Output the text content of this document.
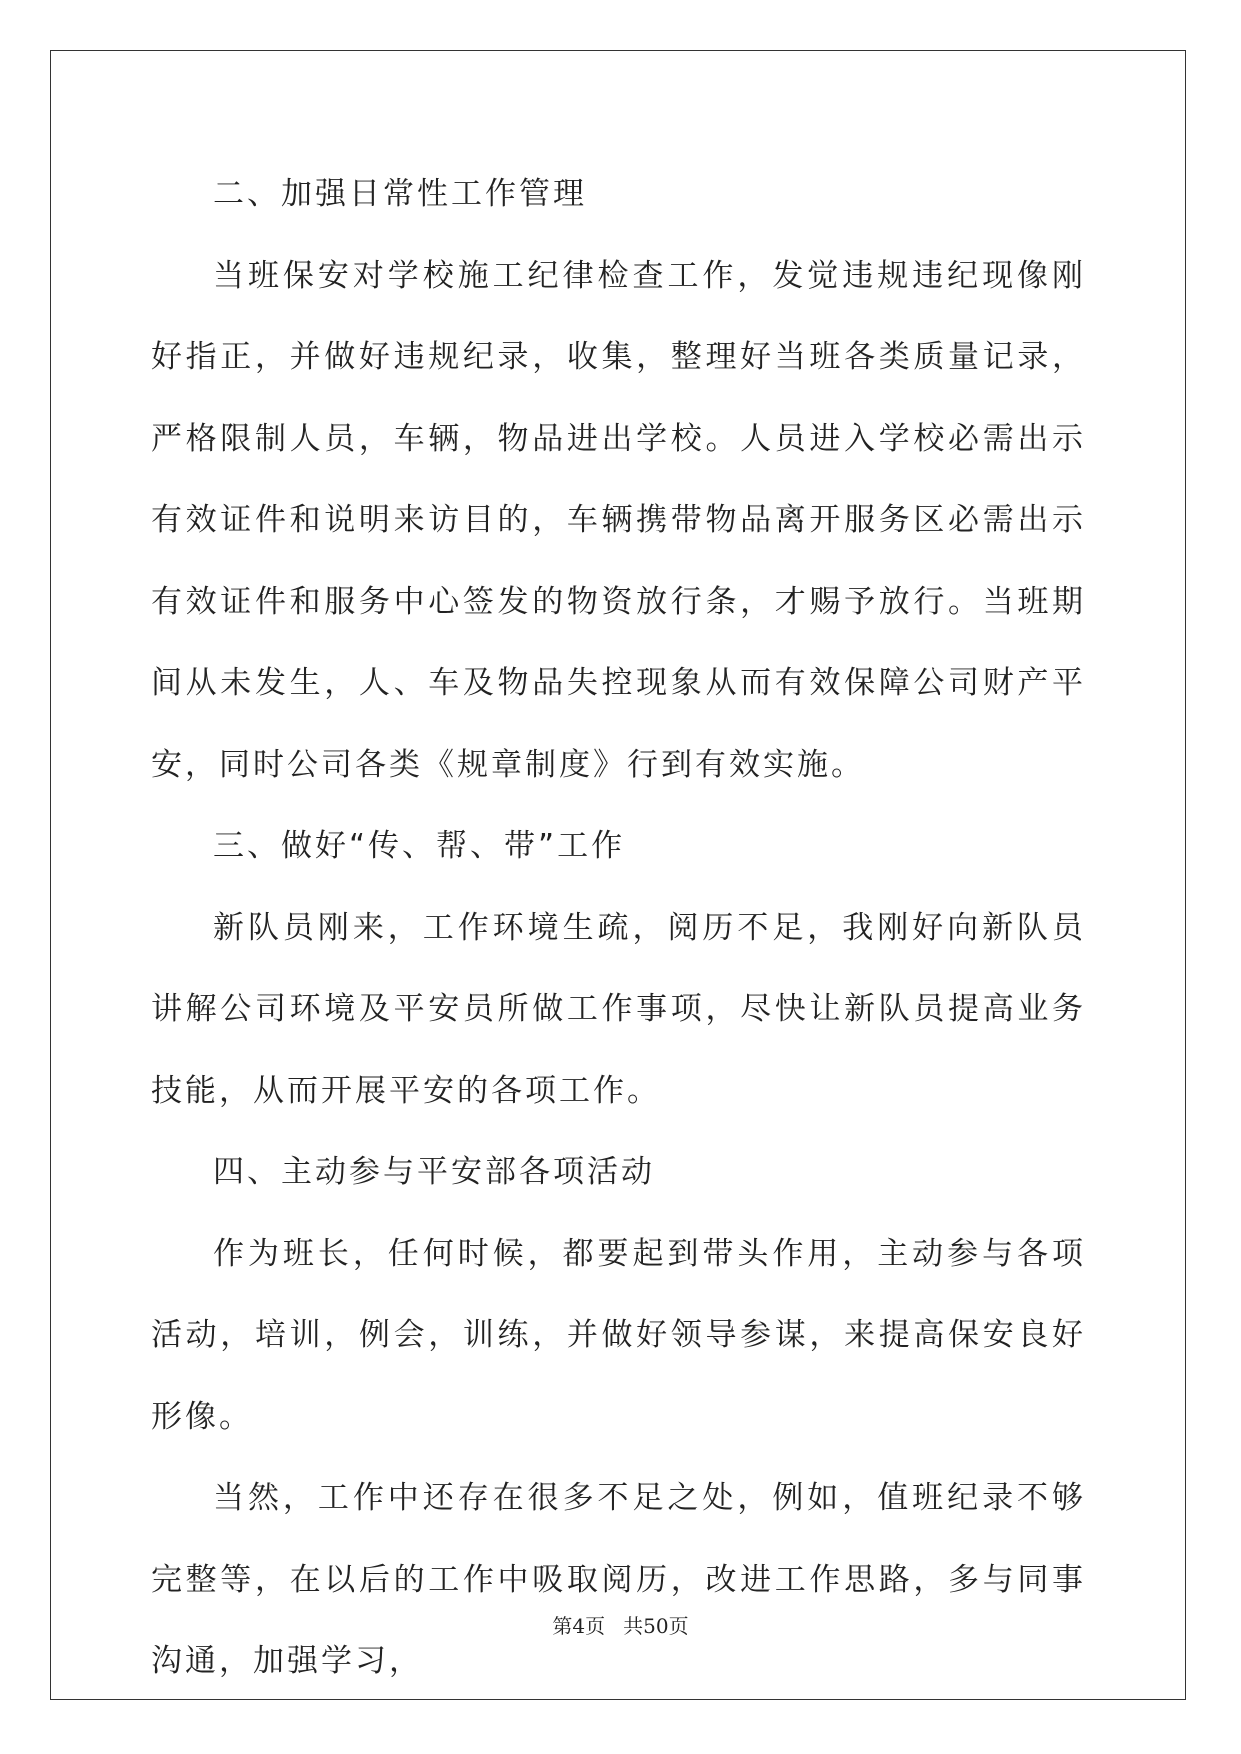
二、加强日常性工作管理

当班保安对学校施工纪律检查工作，发觉违规违纪现像刚好指正，并做好违规纪录，收集，整理好当班各类质量记录，严格限制人员，车辆，物品进出学校。人员进入学校必需出示有效证件和说明来访目的，车辆携带物品离开服务区必需出示有效证件和服务中心签发的物资放行条，才赐予放行。当班期间从未发生，人、车及物品失控现象从而有效保障公司财产平安，同时公司各类《规章制度》行到有效实施。

三、做好“传、帮、带”工作

新队员刚来，工作环境生疏，阅历不足，我刚好向新队员讲解公司环境及平安员所做工作事项，尽快让新队员提高业务技能，从而开展平安的各项工作。

四、主动参与平安部各项活动

作为班长，任何时候，都要起到带头作用，主动参与各项活动，培训，例会，训练，并做好领导参谋，来提高保安良好形像。

当然，工作中还存在很多不足之处，例如，值班纪录不够完整等，在以后的工作中吸取阅历，改进工作思路，多与同事沟通，加强学习，

第4页 共50页
